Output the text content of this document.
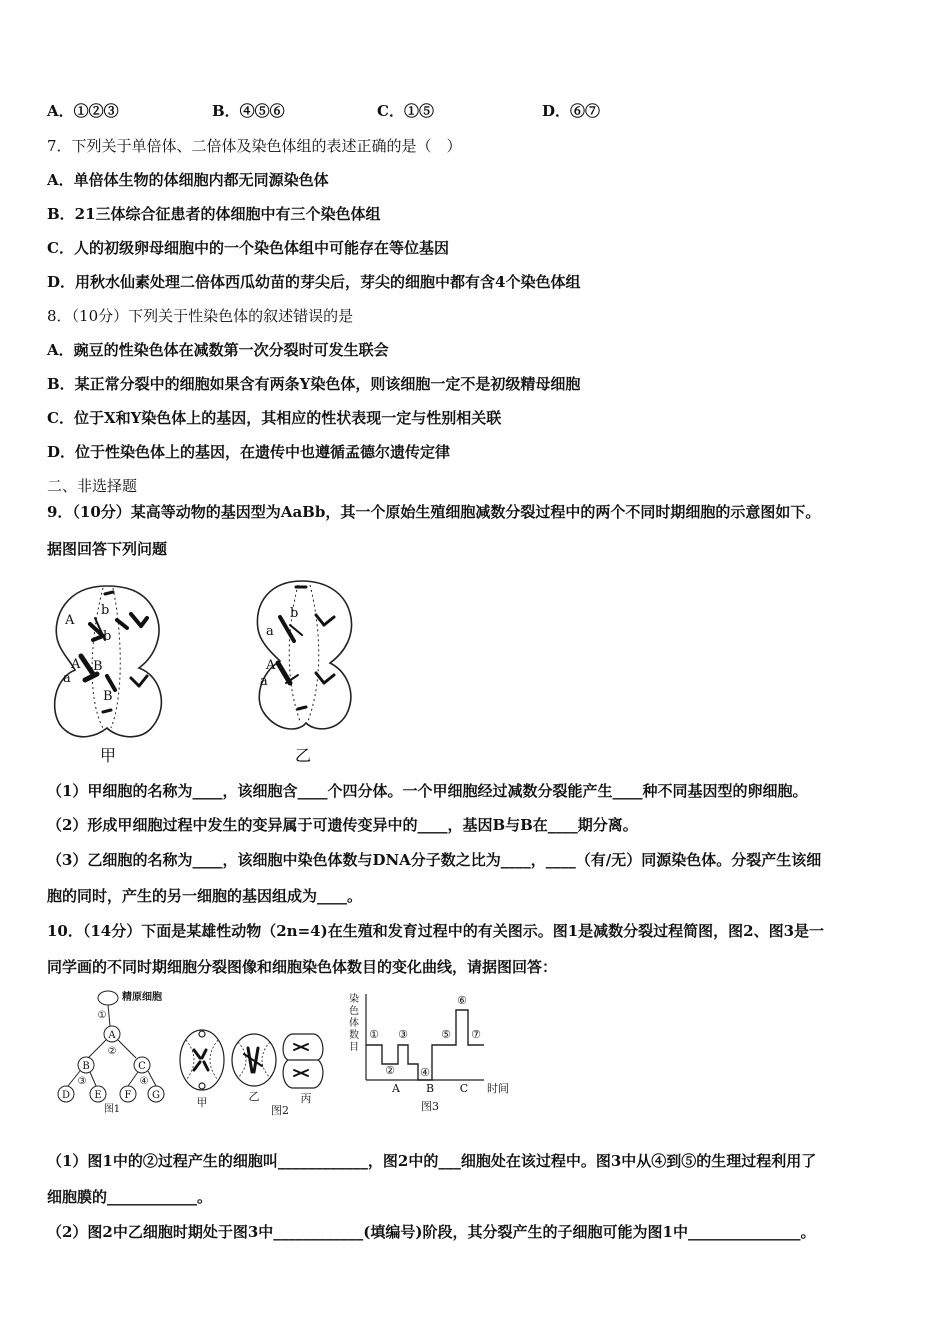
A．①②③	B．④⑤⑥	C．①⑤	D．⑥⑦
7．下列关于单倍体、二倍体及染色体组的表述正确的是（　）
A．单倍体生物的体细胞内都无同源染色体
B．21三体综合征患者的体细胞中有三个染色体组
C．人的初级卵母细胞中的一个染色体组中可能存在等位基因
D．用秋水仙素处理二倍体西瓜幼苗的芽尖后，芽尖的细胞中都有含4个染色体组
8．（10分）下列关于性染色体的叙述错误的是
A．豌豆的性染色体在减数第一次分裂时可发生联会
B．某正常分裂中的细胞如果含有两条Y染色体，则该细胞一定不是初级精母细胞
C．位于X和Y染色体上的基因，其相应的性状表现一定与性别相关联
D．位于性染色体上的基因，在遗传中也遵循孟德尔遗传定律
二、非选择题
9．（10分）某高等动物的基因型为AaBb，其一个原始生殖细胞减数分裂过程中的两个不同时期细胞的示意图如下。
据图回答下列问题
A
b
b
A
a
B
B
甲
a
A
a
b
乙
（1）甲细胞的名称为____，该细胞含____个四分体。一个甲细胞经过减数分裂能产生____种不同基因型的卵细胞。
（2）形成甲细胞过程中发生的变异属于可遗传变异中的____，基因B与B在____期分离。
（3）乙细胞的名称为____，该细胞中染色体数与DNA分子数之比为____，____（有/无）同源染色体。分裂产生该细
胞的同时，产生的另一细胞的基因组成为____。
10．（14分）下面是某雄性动物（2n=4)在生殖和发育过程中的有关图示。图1是减数分裂过程简图，图2、图3是一
同学画的不同时期细胞分裂图像和细胞染色体数目的变化曲线，请据图回答：
精原细胞
A
B	C
D E F G
①
②
③	④
图1
甲	乙	丙
图2
染
色
体
数
目
①
②
③
④
⑤
⑥
⑦
A B C 时间
图3
（1）图1中的②过程产生的细胞叫____________，图2中的___细胞处在该过程中。图3中从④到⑤的生理过程利用了
细胞膜的____________。
（2）图2中乙细胞时期处于图3中____________(填编号)阶段，其分裂产生的子细胞可能为图1中_______________。
